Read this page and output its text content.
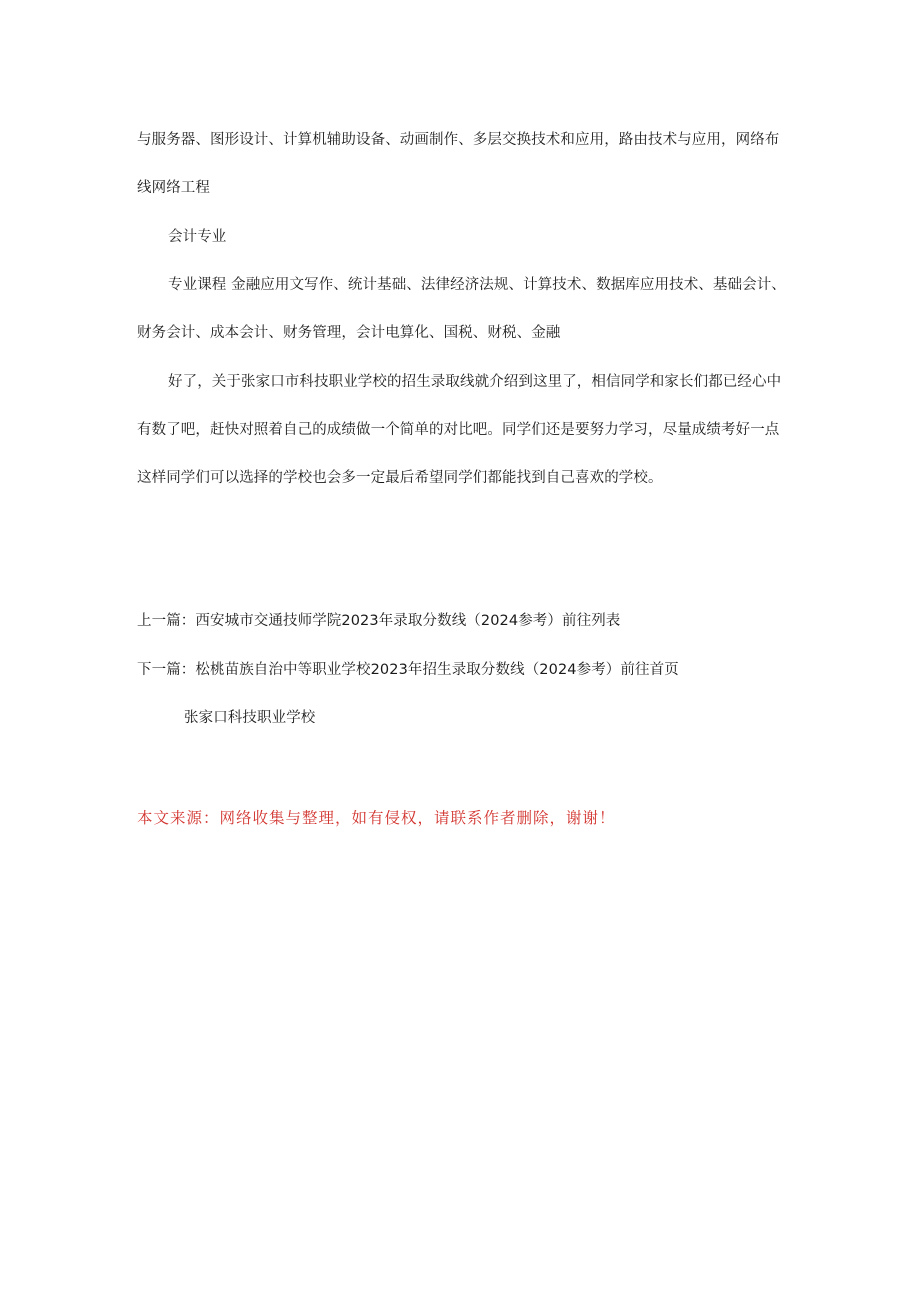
与服务器、图形设计、计算机辅助设备、动画制作、多层交换技术和应用，路由技术与应用，网络布
线网络工程
会计专业
专业课程 金融应用文写作、统计基础、法律经济法规、计算技术、数据库应用技术、基础会计、
财务会计、成本会计、财务管理，会计电算化、国税、财税、金融
好了，关于张家口市科技职业学校的招生录取线就介绍到这里了，相信同学和家长们都已经心中
有数了吧，赶快对照着自己的成绩做一个简单的对比吧。同学们还是要努力学习，尽量成绩考好一点
这样同学们可以选择的学校也会多一定最后希望同学们都能找到自己喜欢的学校。
上一篇：西安城市交通技师学院2023年录取分数线（2024参考）前往列表
下一篇：松桃苗族自治中等职业学校2023年招生录取分数线（2024参考）前往首页
张家口科技职业学校
本文来源：网络收集与整理，如有侵权，请联系作者删除，谢谢！
